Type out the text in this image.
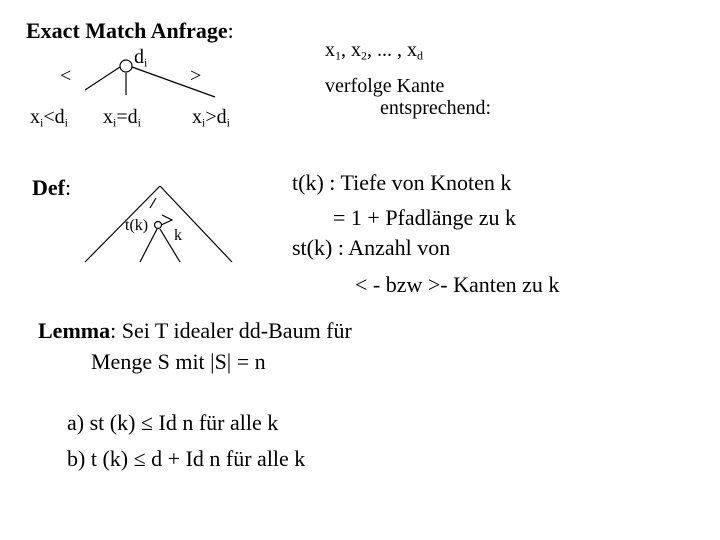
Exact Match Anfrage:
$d_i$
<	>
$x_i<d_i$ $x_i=d_i$	$x_i>d_i$
$x_1$, $x_2$, ... , $x_d$
verfolge Kante
entsprechend:
Def:
t(k)
k
t(k) : Tiefe von Knoten k
= 1 + Pfadlänge zu k
st(k) : Anzahl von
< - bzw >- Kanten zu k
Lemma: Sei T idealer dd-Baum für
Menge S mit |S| = n
a) st (k) ≤ Id n für alle k
b) t (k) ≤ d + Id n für alle k
